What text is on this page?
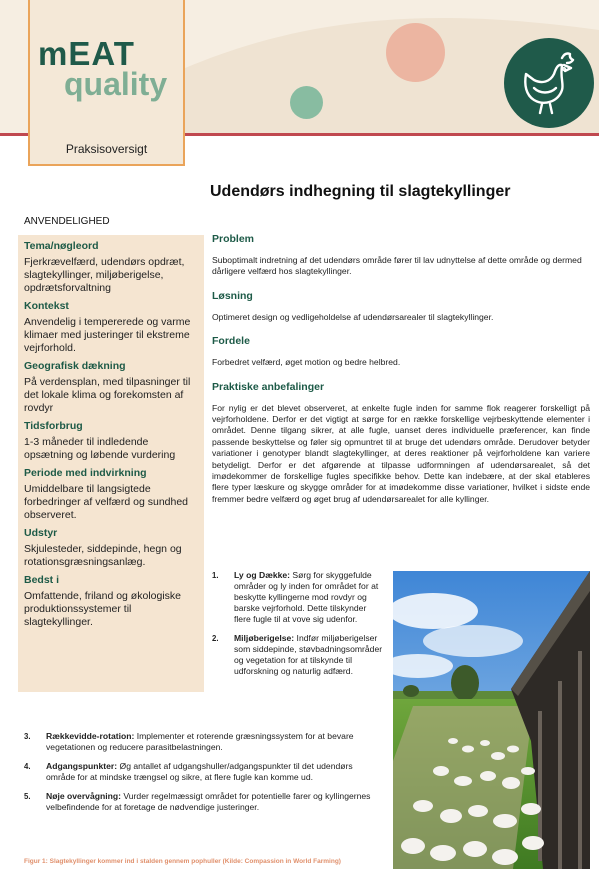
mEAT
quality
Praksisoversigt
Udendørs indhegning til slagtekyllinger
ANVENDELIGHED
Tema/nøgleord
Fjerkrævelfærd, udendørs opdræt, slagtekyllinger, miljøberigelse, opdrætsforvaltning
Kontekst
Anvendelig i tempererede og varme klimaer med justeringer til ekstreme vejrforhold.
Geografisk dækning
På verdensplan, med tilpasninger til det lokale klima og forekomsten af rovdyr
Tidsforbrug
1-3 måneder til indledende opsætning og løbende vurdering
Periode med indvirkning
Umiddelbare til langsigtede forbedringer af velfærd og sundhed observeret.
Udstyr
Skjulesteder, siddepinde, hegn og rotationsgræsningsanlæg.
Bedst i
Omfattende, friland og økologiske produktionssystemer til slagtekyllinger.
Problem
Suboptimalt indretning af det udendørs område fører til lav udnyttelse af dette område og dermed dårligere velfærd hos slagtekyllinger.
Løsning
Optimeret design og vedligeholdelse af udendørsarealer til slagtekyllinger.
Fordele
Forbedret velfærd, øget motion og bedre helbred.
Praktiske anbefalinger
For nylig er det blevet observeret, at enkelte fugle inden for samme flok reagerer forskelligt på vejrforholdene. Derfor er det vigtigt at sørge for en række forskellige vejrbeskyttende elementer i området. Denne tilgang sikrer, at alle fugle, uanset deres individuelle præferencer, kan finde passende beskyttelse og føler sig opmuntret til at bruge det udendørs område. Derudover betyder variationer i genotyper blandt slagtekyllinger, at deres reaktioner på vejrforholdene kan variere betydeligt. Derfor er det afgørende at tilpasse udformningen af udendørsarealet, så det imødekommer de forskellige fugles specifikke behov. Dette kan indebære, at der skal etableres flere typer læskure og skygge områder for at imødekomme disse variationer, hvilket i sidste ende fremmer bedre velfærd og øget brug af udendørsarealet for alle kyllinger.
1. Ly og Dække: Sørg for skyggefulde områder og ly inden for området for at beskytte kyllingerne mod rovdyr og barske vejrforhold. Dette tilskynder flere fugle til at vove sig udenfor.
2. Miljøberigelse: Indfør miljøberigelser som siddepinde, støvbadningsområder og vegetation for at tilskynde til udforskning og naturlig adfærd.
3. Rækkevidde-rotation: Implementer et roterende græsningssystem for at bevare vegetationen og reducere parasitbelastningen.
4. Adgangspunkter: Øg antallet af udgangshuller/adgangspunkter til det udendørs område for at mindske trængsel og sikre, at flere fugle kan komme ud.
5. Nøje overvågning: Vurder regelmæssigt området for potentielle farer og kyllingernes velbefindende for at foretage de nødvendige justeringer.
Figur 1: Slagtekyllinger kommer ind i stalden gennem pophuller (Kilde: Compassion in World Farming)
